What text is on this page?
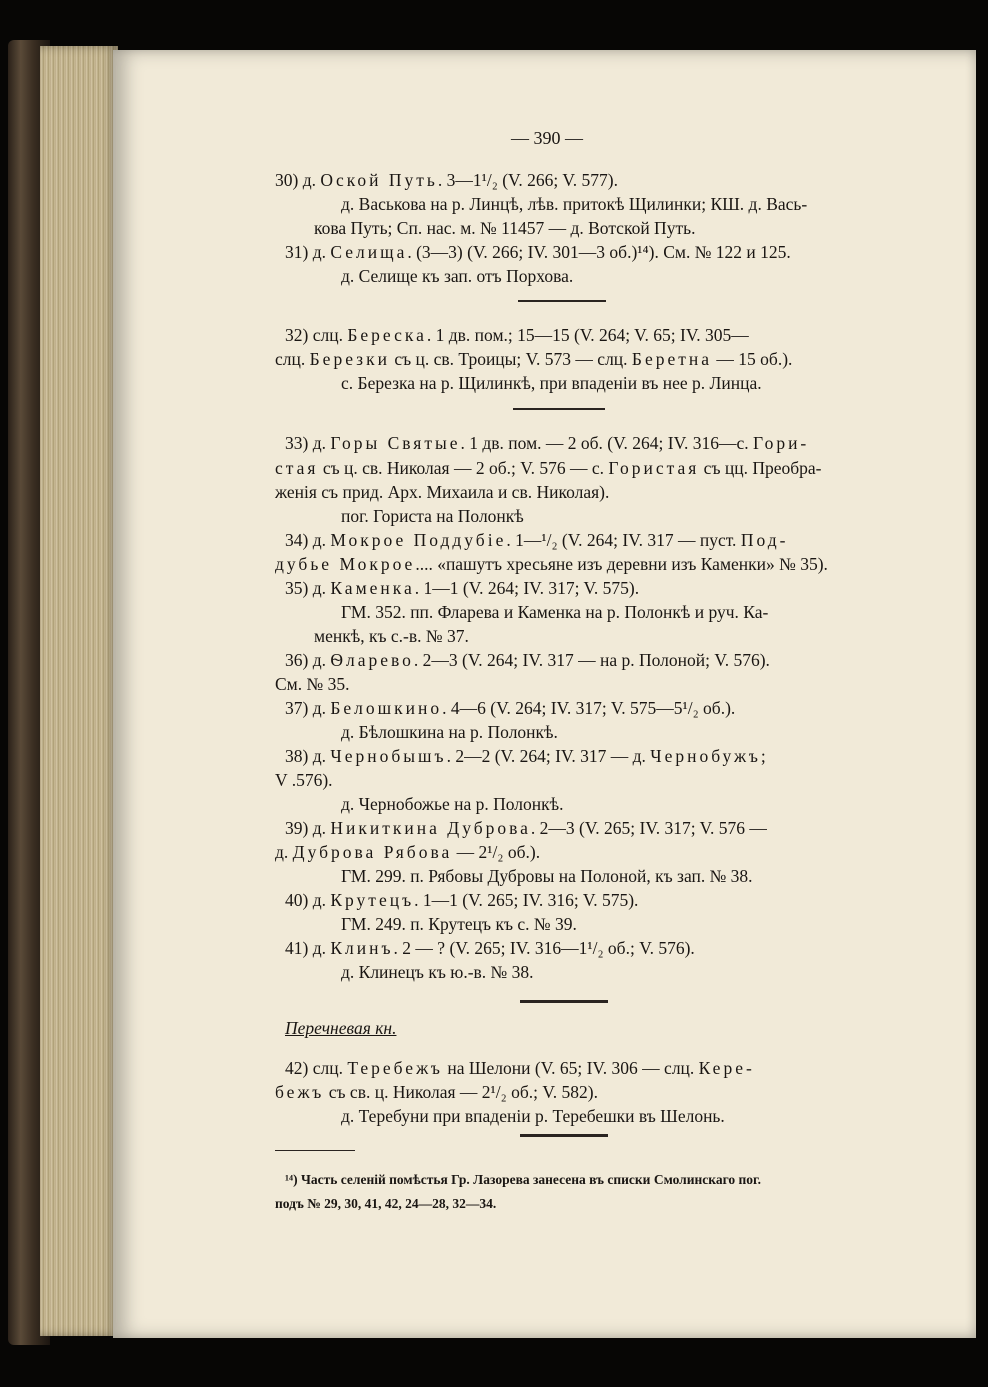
— 390 —
30) д. Оской Путь. 3—1¹/₂ (V. 266; V. 577).
д. Васькова на р. Линцѣ, лѣв. притокѣ Щилинки; КШ. д. Вась-
кова Путь; Сп. нас. м. № 11457 — д. Вотской Путь.
31) д. Селища. (3—3) (V. 266; IV. 301—3 об.)¹⁴). См. № 122 и 125.
д. Селище къ зап. отъ Порхова.
32) слц. Береска. 1 дв. пом.; 15—15 (V. 264; V. 65; IV. 305—
слц. Березки съ ц. св. Троицы; V. 573 — слц. Беретна — 15 об.).
с. Березка на р. Щилинкѣ, при впаденіи въ нее р. Линца.
33) д. Горы Святые. 1 дв. пом. — 2 об. (V. 264; IV. 316—с. Гори-
стая съ ц. св. Николая — 2 об.; V. 576 — с. Гористая съ цц. Преобра-
женія съ прид. Арх. Михаила и св. Николая).
пог. Гориста на Полонкѣ
34) д. Мокрое Поддубіе. 1—¹/₂ (V. 264; IV. 317 — пуст. Под-
дубье Мокрое.... «пашутъ хресьяне изъ деревни изъ Каменки» № 35).
35) д. Каменка. 1—1 (V. 264; IV. 317; V. 575).
ГМ. 352. пп. Фларева и Каменка на р. Полонкѣ и руч. Ка-
менкѣ, къ с.-в. № 37.
36) д. Ѳларево. 2—3 (V. 264; IV. 317 — на р. Полоной; V. 576).
См. № 35.
37) д. Белошкино. 4—6 (V. 264; IV. 317; V. 575—5¹/₂ об.).
д. Бѣлошкина на р. Полонкѣ.
38) д. Чернобышъ. 2—2 (V. 264; IV. 317 — д. Чернобужъ;
V .576).
д. Чернобожье на р. Полонкѣ.
39) д. Никиткина Дуброва. 2—3 (V. 265; IV. 317; V. 576 —
д. Дуброва Рябова — 2¹/₂ об.).
ГМ. 299. п. Рябовы Дубровы на Полоной, къ зап. № 38.
40) д. Крутецъ. 1—1 (V. 265; IV. 316; V. 575).
ГМ. 249. п. Крутецъ къ с. № 39.
41) д. Клинъ. 2 — ? (V. 265; IV. 316—1¹/₂ об.; V. 576).
д. Клинецъ къ ю.-в. № 38.
Перечневая кн.
42) слц. Теребежъ на Шелони (V. 65; IV. 306 — слц. Кере-
бежъ съ св. ц. Николая — 2¹/₂ об.; V. 582).
д. Теребуни при впаденіи р. Теребешки въ Шелонь.
¹⁴) Часть селеній помѣстья Гр. Лазорева занесена въ списки Смолинскаго пог.
подъ № 29, 30, 41, 42, 24—28, 32—34.
